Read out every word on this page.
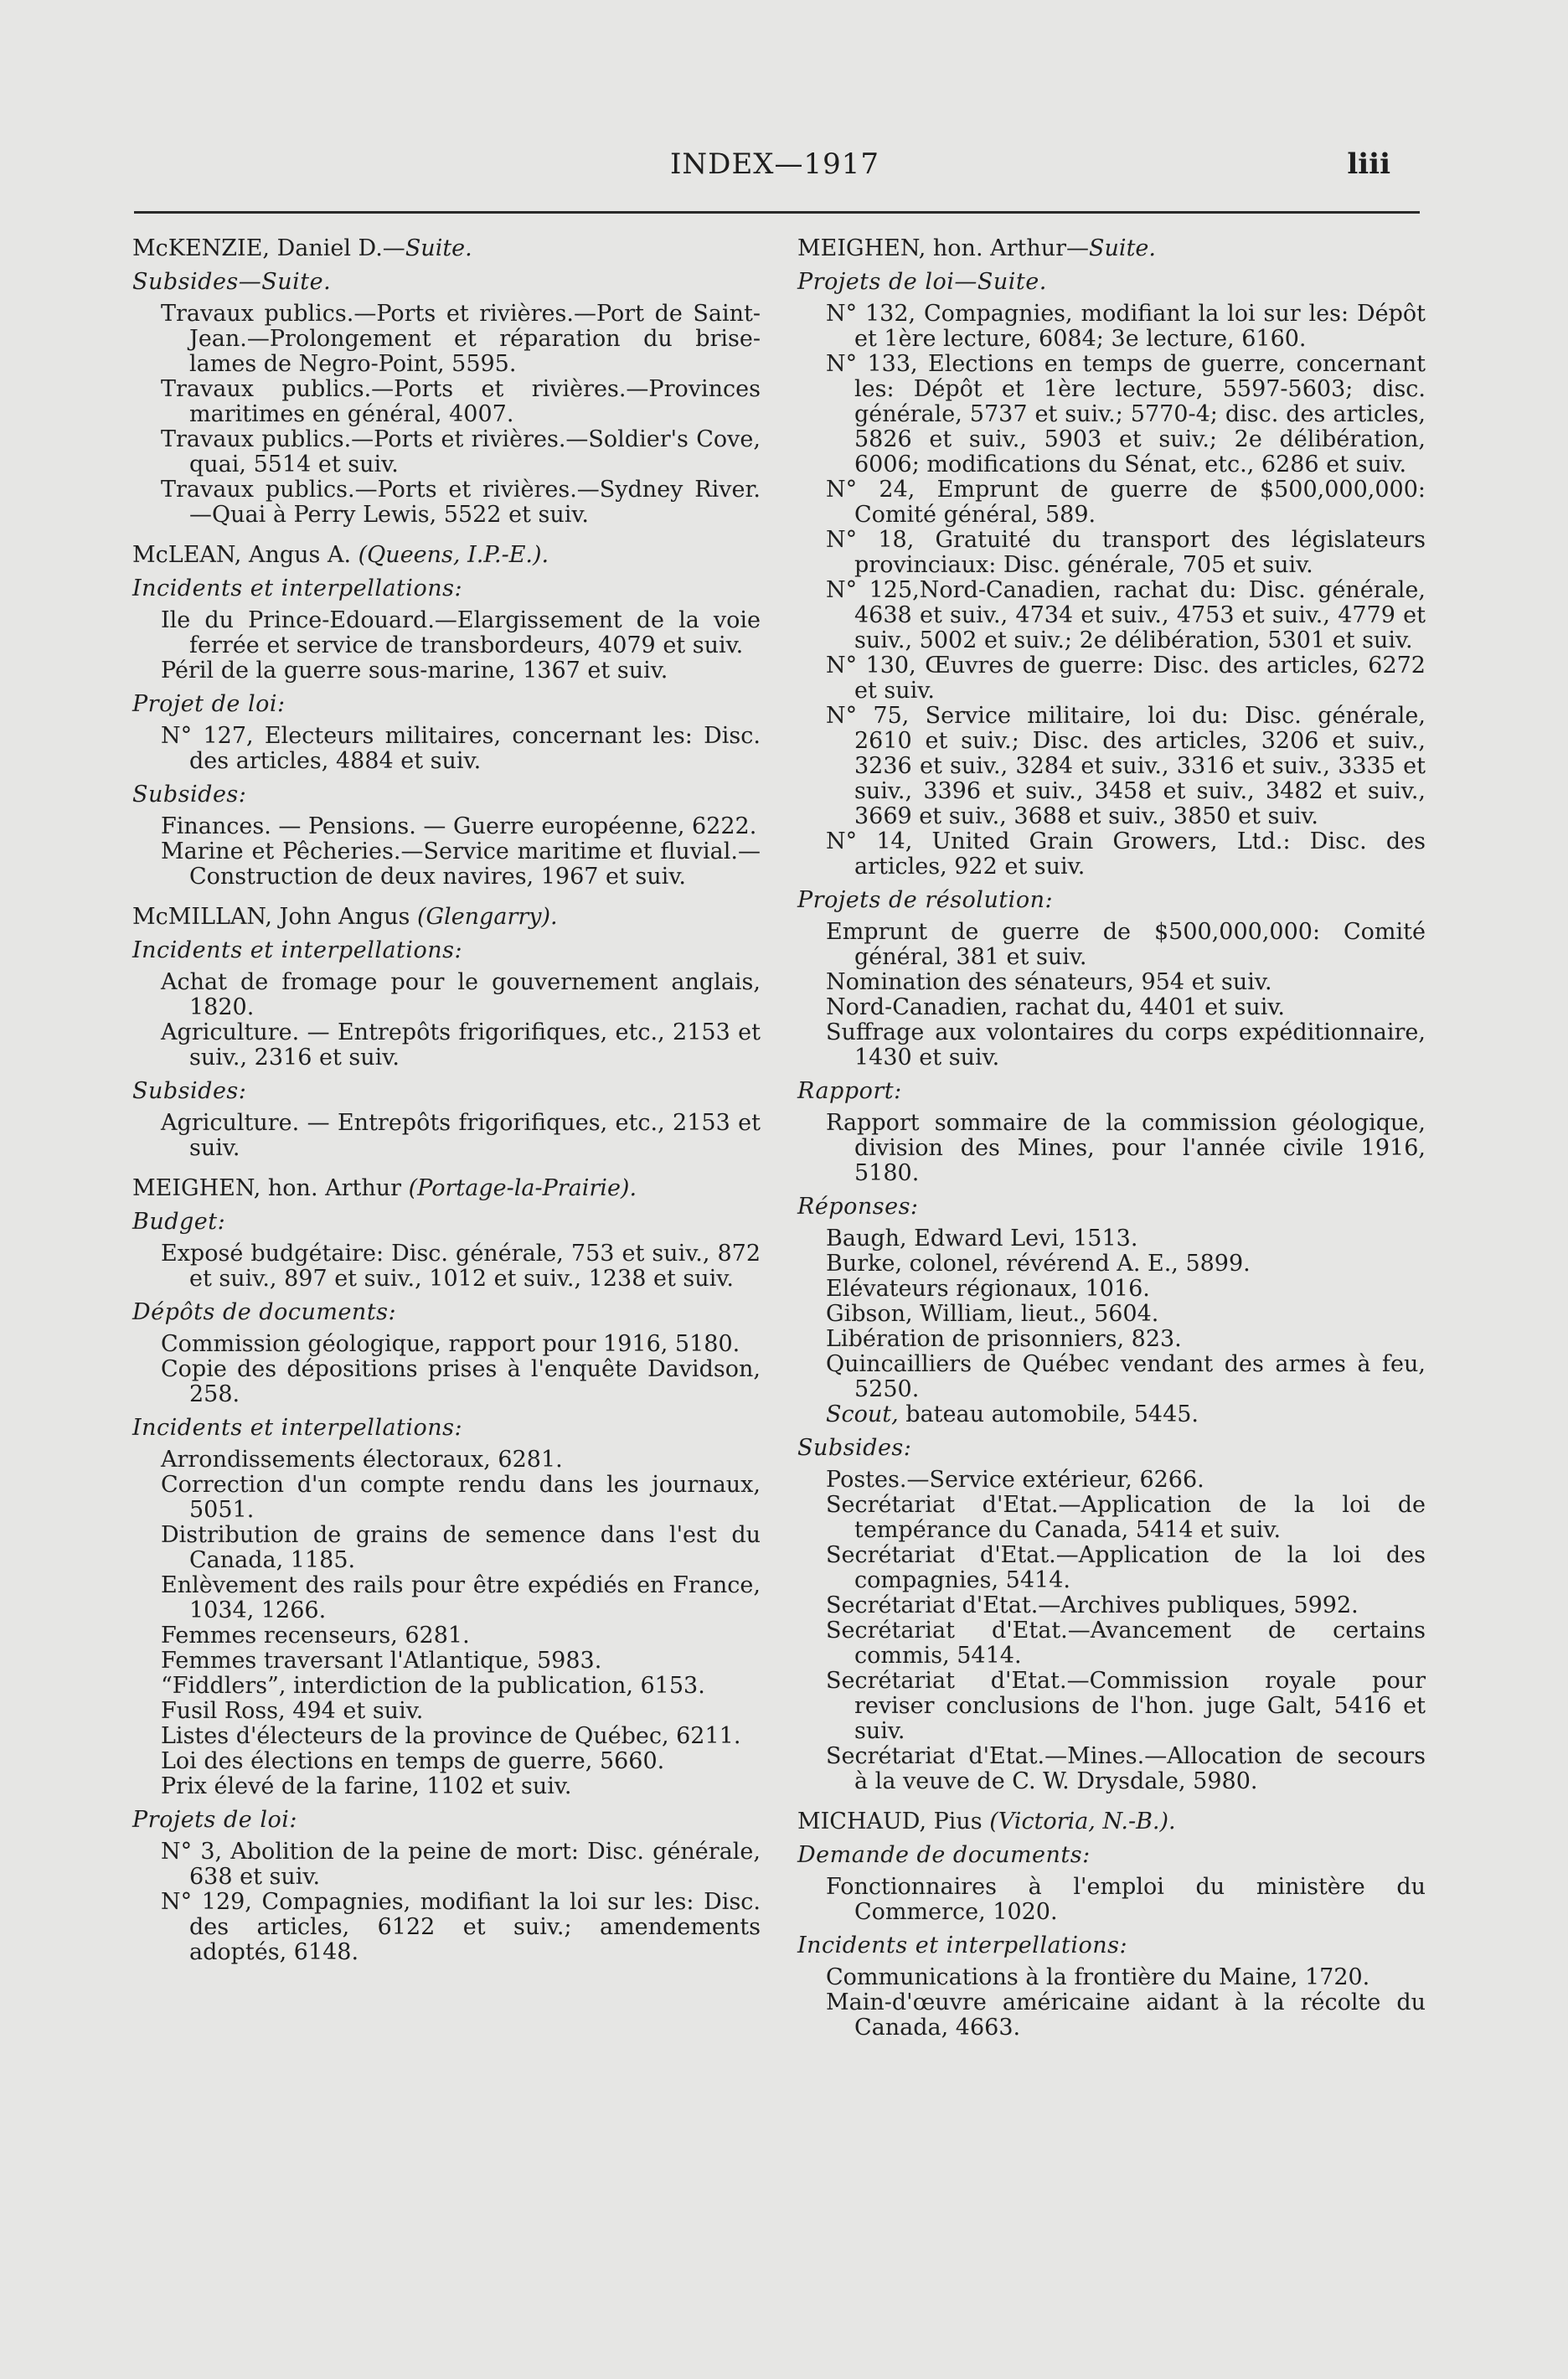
INDEX—1917	liii
McKENZIE, Daniel D.—Suite.
Subsides—Suite.
Travaux publics.—Ports et rivières.—Port de Saint-Jean.—Prolongement et réparation du brise-lames de Negro-Point, 5595.
Travaux publics.—Ports et rivières.—Provinces maritimes en général, 4007.
Travaux publics.—Ports et rivières.—Soldier's Cove, quai, 5514 et suiv.
Travaux publics.—Ports et rivières.—Sydney River.—Quai à Perry Lewis, 5522 et suiv.
McLEAN, Angus A. (Queens, I.P.-E.).
Incidents et interpellations:
Ile du Prince-Edouard.—Elargissement de la voie ferrée et service de transbordeurs, 4079 et suiv.
Péril de la guerre sous-marine, 1367 et suiv.
Projet de loi:
N° 127, Electeurs militaires, concernant les: Disc. des articles, 4884 et suiv.
Subsides:
Finances. — Pensions. — Guerre européenne, 6222.
Marine et Pêcheries.—Service maritime et fluvial.—Construction de deux navires, 1967 et suiv.
McMILLAN, John Angus (Glengarry).
Incidents et interpellations:
Achat de fromage pour le gouvernement anglais, 1820.
Agriculture. — Entrepôts frigorifiques, etc., 2153 et suiv., 2316 et suiv.
Subsides:
Agriculture. — Entrepôts frigorifiques, etc., 2153 et suiv.
MEIGHEN, hon. Arthur (Portage-la-Prairie).
Budget:
Exposé budgétaire: Disc. générale, 753 et suiv., 872 et suiv., 897 et suiv., 1012 et suiv., 1238 et suiv.
Dépôts de documents:
Commission géologique, rapport pour 1916, 5180.
Copie des dépositions prises à l'enquête Davidson, 258.
Incidents et interpellations:
Arrondissements électoraux, 6281.
Correction d'un compte rendu dans les journaux, 5051.
Distribution de grains de semence dans l'est du Canada, 1185.
Enlèvement des rails pour être expédiés en France, 1034, 1266.
Femmes recenseurs, 6281.
Femmes traversant l'Atlantique, 5983.
“Fiddlers”, interdiction de la publication, 6153.
Fusil Ross, 494 et suiv.
Listes d'électeurs de la province de Québec, 6211.
Loi des élections en temps de guerre, 5660.
Prix élevé de la farine, 1102 et suiv.
Projets de loi:
N° 3, Abolition de la peine de mort: Disc. générale, 638 et suiv.
N° 129, Compagnies, modifiant la loi sur les: Disc. des articles, 6122 et suiv.; amendements adoptés, 6148.
MEIGHEN, hon. Arthur—Suite.
Projets de loi—Suite.
N° 132, Compagnies, modifiant la loi sur les: Dépôt et 1ère lecture, 6084; 3e lecture, 6160.
N° 133, Elections en temps de guerre, concernant les: Dépôt et 1ère lecture, 5597-5603; disc. générale, 5737 et suiv.; 5770-4; disc. des articles, 5826 et suiv., 5903 et suiv.; 2e délibération, 6006; modifications du Sénat, etc., 6286 et suiv.
N° 24, Emprunt de guerre de $500,000,000: Comité général, 589.
N° 18, Gratuité du transport des législateurs provinciaux: Disc. générale, 705 et suiv.
N° 125,Nord-Canadien, rachat du: Disc. générale, 4638 et suiv., 4734 et suiv., 4753 et suiv., 4779 et suiv., 5002 et suiv.; 2e délibération, 5301 et suiv.
N° 130, Œuvres de guerre: Disc. des articles, 6272 et suiv.
N° 75, Service militaire, loi du: Disc. générale, 2610 et suiv.; Disc. des articles, 3206 et suiv., 3236 et suiv., 3284 et suiv., 3316 et suiv., 3335 et suiv., 3396 et suiv., 3458 et suiv., 3482 et suiv., 3669 et suiv., 3688 et suiv., 3850 et suiv.
N° 14, United Grain Growers, Ltd.: Disc. des articles, 922 et suiv.
Projets de résolution:
Emprunt de guerre de $500,000,000: Comité général, 381 et suiv.
Nomination des sénateurs, 954 et suiv.
Nord-Canadien, rachat du, 4401 et suiv.
Suffrage aux volontaires du corps expéditionnaire, 1430 et suiv.
Rapport:
Rapport sommaire de la commission géologique, division des Mines, pour l'année civile 1916, 5180.
Réponses:
Baugh, Edward Levi, 1513.
Burke, colonel, révérend A. E., 5899.
Elévateurs régionaux, 1016.
Gibson, William, lieut., 5604.
Libération de prisonniers, 823.
Quincailliers de Québec vendant des armes à feu, 5250.
Scout, bateau automobile, 5445.
Subsides:
Postes.—Service extérieur, 6266.
Secrétariat d'Etat.—Application de la loi de tempérance du Canada, 5414 et suiv.
Secrétariat d'Etat.—Application de la loi des compagnies, 5414.
Secrétariat d'Etat.—Archives publiques, 5992.
Secrétariat d'Etat.—Avancement de certains commis, 5414.
Secrétariat d'Etat.—Commission royale pour reviser conclusions de l'hon. juge Galt, 5416 et suiv.
Secrétariat d'Etat.—Mines.—Allocation de secours à la veuve de C. W. Drysdale, 5980.
MICHAUD, Pius (Victoria, N.-B.).
Demande de documents:
Fonctionnaires à l'emploi du ministère du Commerce, 1020.
Incidents et interpellations:
Communications à la frontière du Maine, 1720.
Main-d'œuvre américaine aidant à la récolte du Canada, 4663.
